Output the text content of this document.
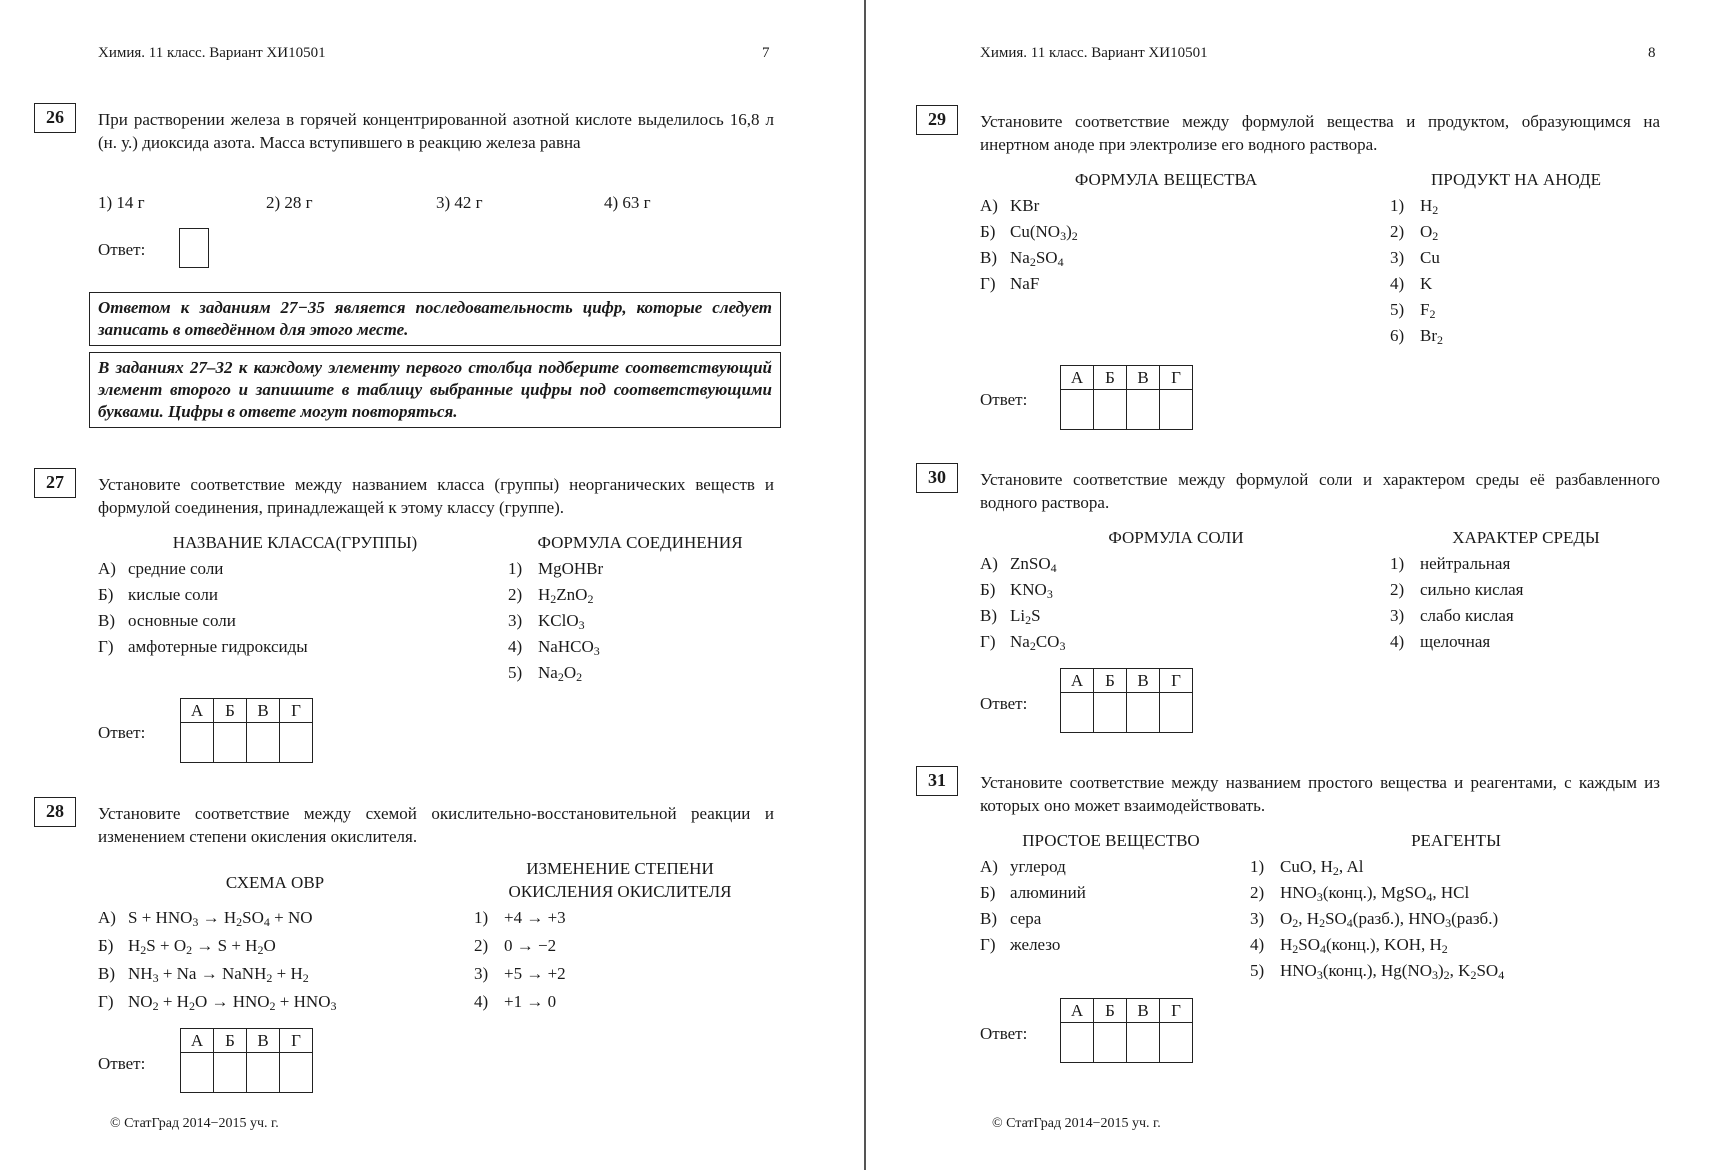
Химия. 11 класс. Вариант ХИ10501	7
26	При растворении железа в горячей концентрированной азотной кислоте выделилось 16,8 л (н. у.) диоксида азота. Масса вступившего в реакцию железа равна
1) 14 г	2) 28 г	3) 42 г	4) 63 г
Ответ:
Ответом к заданиям 27−35 является последовательность цифр, которые следует записать в отведённом для этого месте.
В заданиях 27–32 к каждому элементу первого столбца подберите соответствующий элемент второго и запишите в таблицу выбранные цифры под соответствующими буквами. Цифры в ответе могут повторяться.
27	Установите соответствие между названием класса (группы) неорганических веществ и формулой соединения, принадлежащей к этому классу (группе).
НАЗВАНИЕ КЛАССА(ГРУППЫ)	ФОРМУЛА СОЕДИНЕНИЯ
А) средние соли
Б) кислые соли
В) основные соли
Г) амфотерные гидроксиды
1) MgOHBr
2) $H_2ZnO_2$
3) KClO$_3$
4) NaHCO$_3$
5) $Na_2O_2$
Ответ:
А	Б	В	Г

28	Установите соответствие между схемой окислительно-восстановительной реакции и изменением степени окисления окислителя.
СХЕМА ОВР
ИЗМЕНЕНИЕ СТЕПЕНИ
ОКИСЛЕНИЯ ОКИСЛИТЕЛЯ
А) $S + HNO_3 \to H_2SO_4$ + NO
Б) $H_2S + O_2 \to S + H_2O$
В) $NH_3 + Na$ → NaNH$_2$ + $H_2$
Г) $NO_2 + H_2O \to HNO_2 + HNO_3$
1) +4 → +3
2) 0 → −2
3) +5 → +2
4) +1 → 0
Ответ:
А	Б	В	Г

© СтатГрад 2014−2015 уч. г.
Химия. 11 класс. Вариант ХИ10501	8
29	Установите соответствие между формулой вещества и продуктом, образующимся на инертном аноде при электролизе его водного раствора.
ФОРМУЛА ВЕЩЕСТВА	ПРОДУКТ НА АНОДЕ
А) KBr
Б) $Cu(NO_3)_2$
В) $Na_2SO_4$
Г) NaF
1) $H_2$
2) $O_2$
3) Cu
4) K
5) $F_2$
6) $Br_2$
Ответ:
А	Б	В	Г

30	Установите соответствие между формулой соли и характером среды её разбавленного водного раствора.
ФОРМУЛА СОЛИ	ХАРАКТЕР СРЕДЫ
А) ZnSO$_4$
Б) $KNO_3$
В) $Li_2S$
Г) $Na_2CO_3$
1) нейтральная
2) сильно кислая
3) слабо кислая
4) щелочная
Ответ:
А	Б	В	Г

31	Установите соответствие между названием простого вещества и реагентами, с каждым из которых оно может взаимодействовать.
ПРОСТОЕ ВЕЩЕСТВО	РЕАГЕНТЫ
А) углерод
Б) алюминий
В) сера
Г) железо
1) CuO, $H_2$, Al
2) $HNO_3(конц.)$, MgSO$_4$, HCl
3) $O_2$, $H_2SO_4(разб.)$, $HNO_3(разб.)$
4) $H_2SO_4(конц.)$, KOH, $H_2$
5) $HNO_3(конц.)$, $Hg(NO_3)_2$, $K_2SO_4$
Ответ:
А	Б	В	Г

© СтатГрад 2014−2015 уч. г.
